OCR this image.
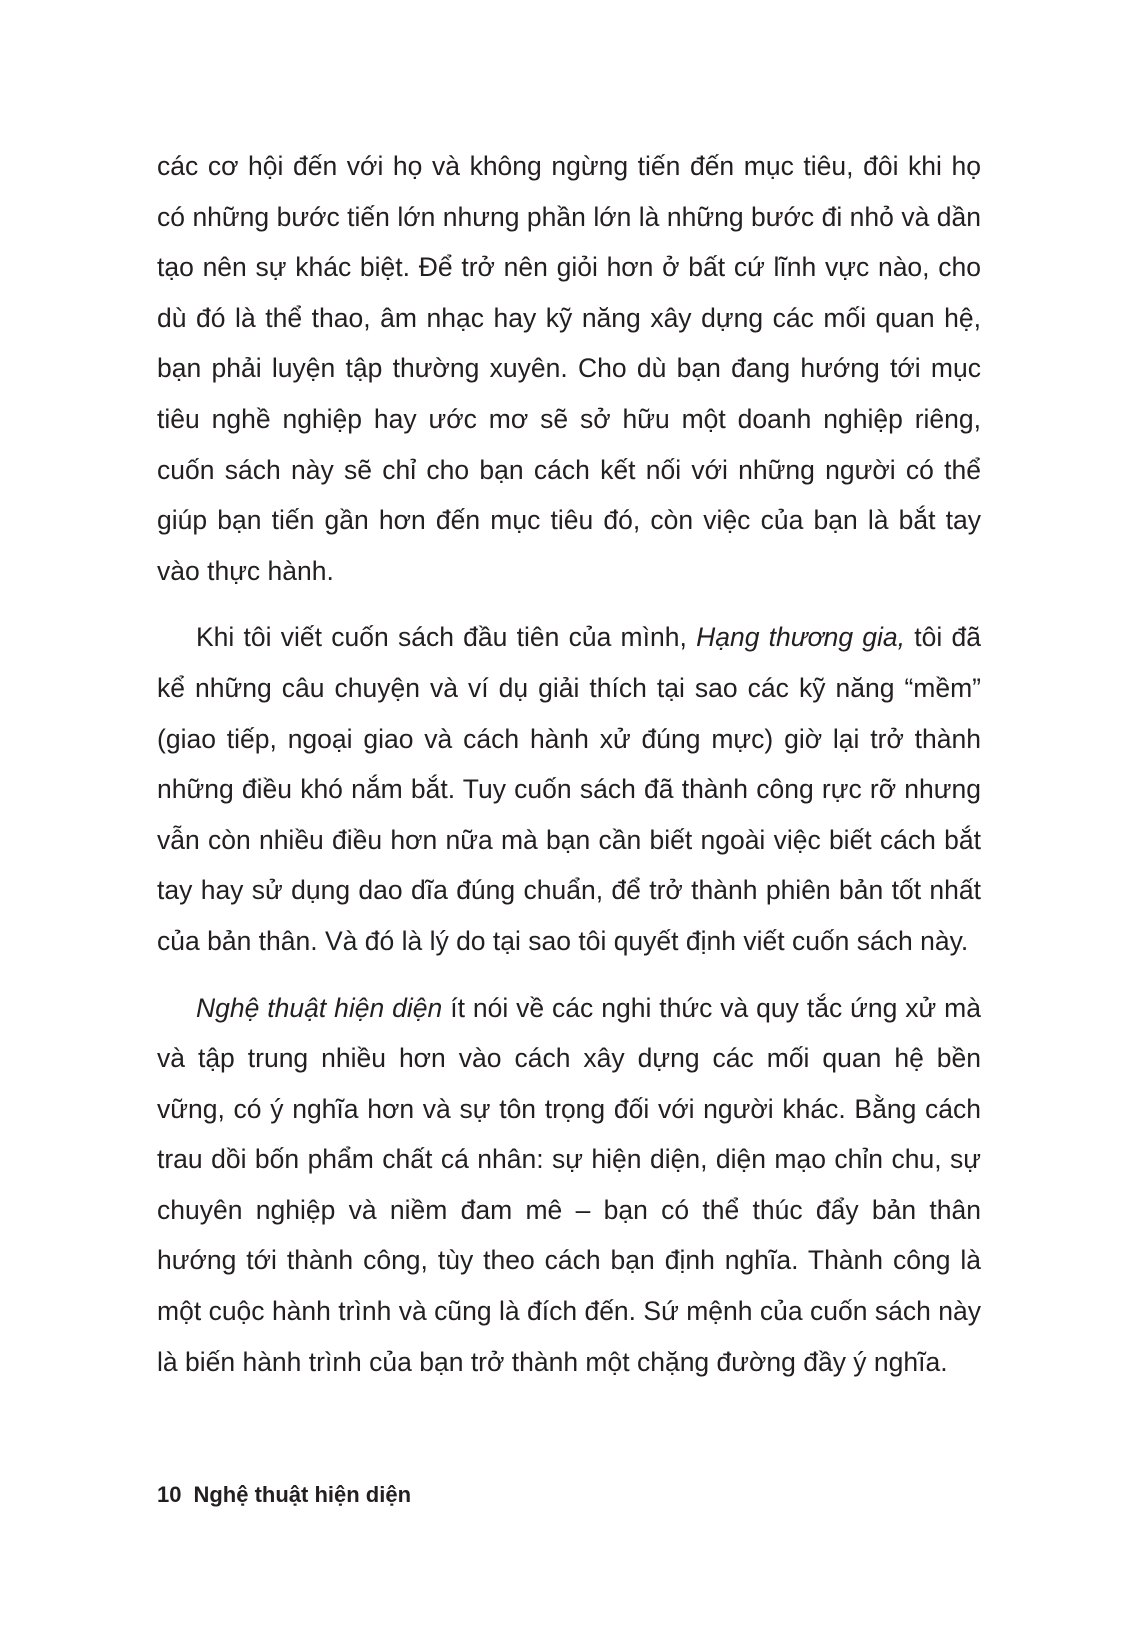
các cơ hội đến với họ và không ngừng tiến đến mục tiêu, đôi khi họ có những bước tiến lớn nhưng phần lớn là những bước đi nhỏ và dần tạo nên sự khác biệt. Để trở nên giỏi hơn ở bất cứ lĩnh vực nào, cho dù đó là thể thao, âm nhạc hay kỹ năng xây dựng các mối quan hệ, bạn phải luyện tập thường xuyên. Cho dù bạn đang hướng tới mục tiêu nghề nghiệp hay ước mơ sẽ sở hữu một doanh nghiệp riêng, cuốn sách này sẽ chỉ cho bạn cách kết nối với những người có thể giúp bạn tiến gần hơn đến mục tiêu đó, còn việc của bạn là bắt tay vào thực hành.

Khi tôi viết cuốn sách đầu tiên của mình, Hạng thương gia, tôi đã kể những câu chuyện và ví dụ giải thích tại sao các kỹ năng “mềm” (giao tiếp, ngoại giao và cách hành xử đúng mực) giờ lại trở thành những điều khó nắm bắt. Tuy cuốn sách đã thành công rực rỡ nhưng vẫn còn nhiều điều hơn nữa mà bạn cần biết ngoài việc biết cách bắt tay hay sử dụng dao dĩa đúng chuẩn, để trở thành phiên bản tốt nhất của bản thân. Và đó là lý do tại sao tôi quyết định viết cuốn sách này.

Nghệ thuật hiện diện ít nói về các nghi thức và quy tắc ứng xử mà và tập trung nhiều hơn vào cách xây dựng các mối quan hệ bền vững, có ý nghĩa hơn và sự tôn trọng đối với người khác. Bằng cách trau dồi bốn phẩm chất cá nhân: sự hiện diện, diện mạo chỉn chu, sự chuyên nghiệp và niềm đam mê – bạn có thể thúc đẩy bản thân hướng tới thành công, tùy theo cách bạn định nghĩa. Thành công là một cuộc hành trình và cũng là đích đến. Sứ mệnh của cuốn sách này là biến hành trình của bạn trở thành một chặng đường đầy ý nghĩa.

10 Nghệ thuật hiện diện
